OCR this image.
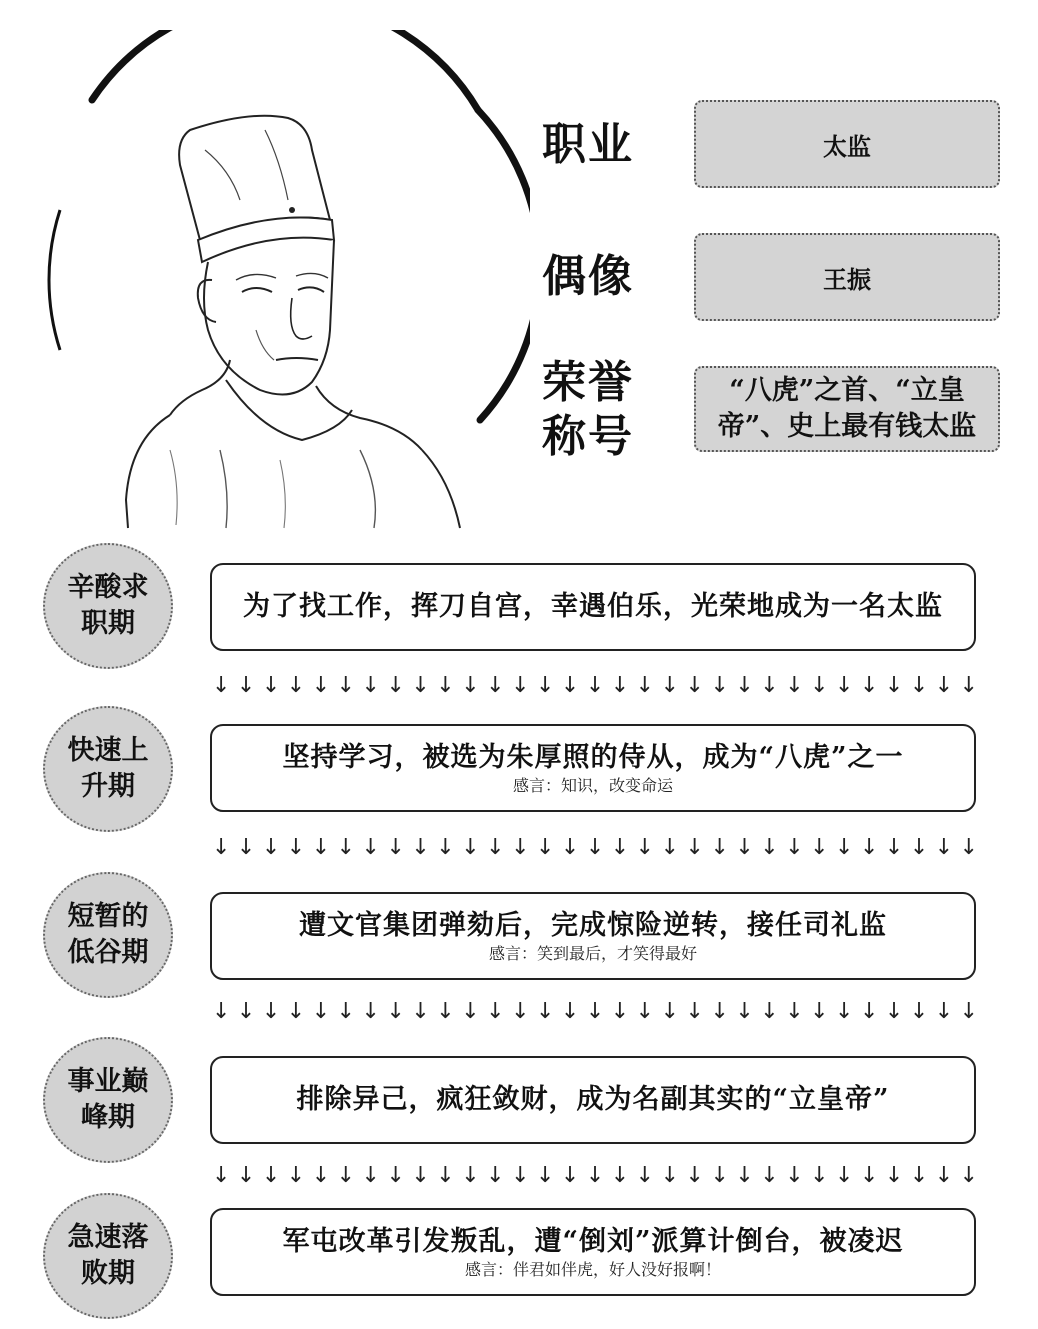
职业	太监
偶像	王振
荣誉
称号
“八虎”之首、“立皇帝”、史上最有钱太监
辛酸求职期
为了找工作，挥刀自宫，幸遇伯乐，光荣地成为一名太监
↓ ↓ ↓ ↓ ↓ ↓ ↓ ↓ ↓ ↓ ↓ ↓ ↓ ↓ ↓ ↓ ↓ ↓ ↓ ↓ ↓ ↓ ↓ ↓ ↓ ↓ ↓ ↓ ↓ ↓ ↓
快速上升期
坚持学习，被选为朱厚照的侍从，成为“八虎”之一
感言：知识，改变命运
↓ ↓ ↓ ↓ ↓ ↓ ↓ ↓ ↓ ↓ ↓ ↓ ↓ ↓ ↓ ↓ ↓ ↓ ↓ ↓ ↓ ↓ ↓ ↓ ↓ ↓ ↓ ↓ ↓ ↓ ↓
短暂的低谷期
遭文官集团弹劾后，完成惊险逆转，接任司礼监
感言：笑到最后，才笑得最好
↓ ↓ ↓ ↓ ↓ ↓ ↓ ↓ ↓ ↓ ↓ ↓ ↓ ↓ ↓ ↓ ↓ ↓ ↓ ↓ ↓ ↓ ↓ ↓ ↓ ↓ ↓ ↓ ↓ ↓ ↓
事业巅峰期
排除异己，疯狂敛财，成为名副其实的“立皇帝”
↓ ↓ ↓ ↓ ↓ ↓ ↓ ↓ ↓ ↓ ↓ ↓ ↓ ↓ ↓ ↓ ↓ ↓ ↓ ↓ ↓ ↓ ↓ ↓ ↓ ↓ ↓ ↓ ↓ ↓ ↓
急速落败期
军屯改革引发叛乱，遭“倒刘”派算计倒台，被凌迟
感言：伴君如伴虎，好人没好报啊！
